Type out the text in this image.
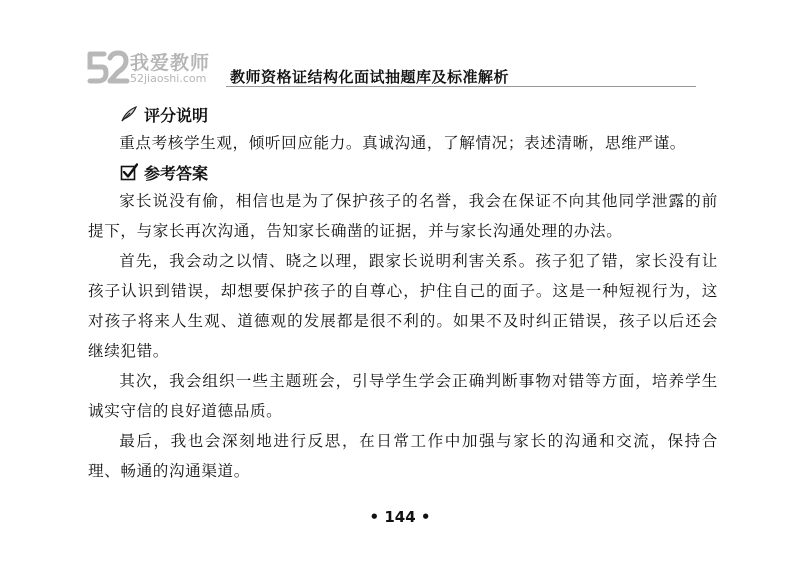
我爱教师
52jiaoshi.com 教师资格证结构化面试抽题库及标准解析
评分说明

重点考核学生观，倾听回应能力。真诚沟通，了解情况；表述清晰，思维严谨。

参考答案

家长说没有偷，相信也是为了保护孩子的名誉，我会在保证不向其他同学泄露的前提下，与家长再次沟通，告知家长确凿的证据，并与家长沟通处理的办法。

首先，我会动之以情、晓之以理，跟家长说明利害关系。孩子犯了错，家长没有让孩子认识到错误，却想要保护孩子的自尊心，护住自己的面子。这是一种短视行为，这对孩子将来人生观、道德观的发展都是很不利的。如果不及时纠正错误，孩子以后还会继续犯错。

其次，我会组织一些主题班会，引导学生学会正确判断事物对错等方面，培养学生诚实守信的良好道德品质。

最后，我也会深刻地进行反思，在日常工作中加强与家长的沟通和交流，保持合理、畅通的沟通渠道。

• 144 •
